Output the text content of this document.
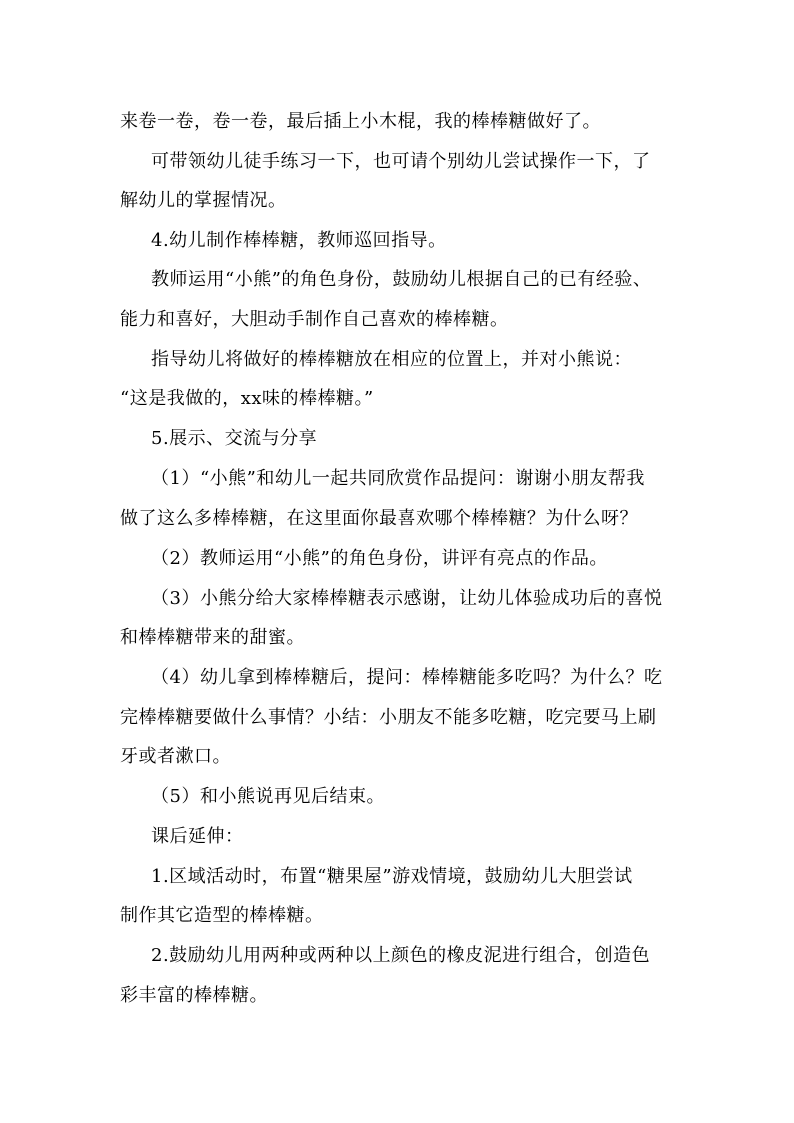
来卷一卷，卷一卷，最后插上小木棍，我的棒棒糖做好了。
可带领幼儿徒手练习一下，也可请个别幼儿尝试操作一下，了
解幼儿的掌握情况。
4.幼儿制作棒棒糖，教师巡回指导。
教师运用“小熊”的角色身份，鼓励幼儿根据自己的已有经验、
能力和喜好，大胆动手制作自己喜欢的棒棒糖。
指导幼儿将做好的棒棒糖放在相应的位置上，并对小熊说：
“这是我做的，xx味的棒棒糖。”
5.展示、交流与分享
（1）“小熊”和幼儿一起共同欣赏作品提问：谢谢小朋友帮我
做了这么多棒棒糖，在这里面你最喜欢哪个棒棒糖？为什么呀？
（2）教师运用“小熊”的角色身份，讲评有亮点的作品。
（3）小熊分给大家棒棒糖表示感谢，让幼儿体验成功后的喜悦
和棒棒糖带来的甜蜜。
（4）幼儿拿到棒棒糖后，提问：棒棒糖能多吃吗？为什么？吃
完棒棒糖要做什么事情？小结：小朋友不能多吃糖，吃完要马上刷
牙或者漱口。
（5）和小熊说再见后结束。
课后延伸：
1.区域活动时，布置“糖果屋”游戏情境，鼓励幼儿大胆尝试
制作其它造型的棒棒糖。
2.鼓励幼儿用两种或两种以上颜色的橡皮泥进行组合，创造色
彩丰富的棒棒糖。
